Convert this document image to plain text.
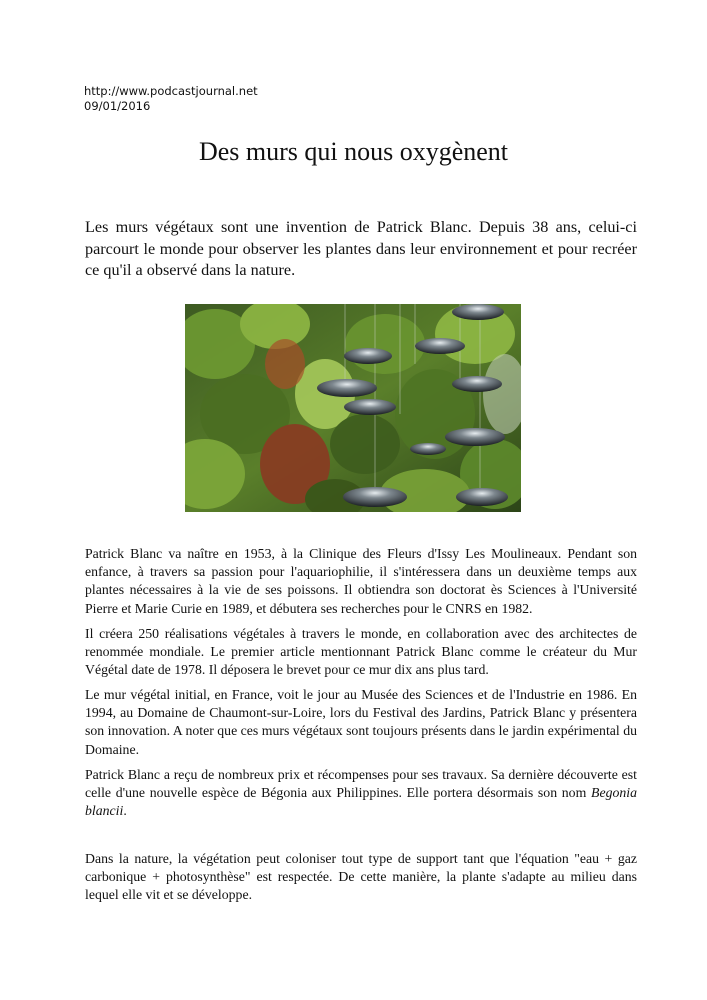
http://www.podcastjournal.net
09/01/2016
Des murs qui nous oxygènent

Les murs végétaux sont une invention de Patrick Blanc. Depuis 38 ans, celui-ci parcourt le monde pour observer les plantes dans leur environnement et pour recréer ce qu'il a observé dans la nature.

Patrick Blanc va naître en 1953, à la Clinique des Fleurs d'Issy Les Moulineaux. Pendant son enfance, à travers sa passion pour l'aquariophilie, il s'intéressera dans un deuxième temps aux plantes nécessaires à la vie de ses poissons. Il obtiendra son doctorat ès Sciences à l'Université Pierre et Marie Curie en 1989, et débutera ses recherches pour le CNRS en 1982.

Il créera 250 réalisations végétales à travers le monde, en collaboration avec des architectes de renommée mondiale. Le premier article mentionnant Patrick Blanc comme le créateur du Mur Végétal date de 1978. Il déposera le brevet pour ce mur dix ans plus tard.

Le mur végétal initial, en France, voit le jour au Musée des Sciences et de l'Industrie en 1986. En 1994, au Domaine de Chaumont-sur-Loire, lors du Festival des Jardins, Patrick Blanc y présentera son innovation. A noter que ces murs végétaux sont toujours présents dans le jardin expérimental du Domaine.

Patrick Blanc a reçu de nombreux prix et récompenses pour ses travaux. Sa dernière découverte est celle d'une nouvelle espèce de Bégonia aux Philippines. Elle portera désormais son nom Begonia blancii.

Dans la nature, la végétation peut coloniser tout type de support tant que l'équation "eau + gaz carbonique + photosynthèse" est respectée. De cette manière, la plante s'adapte au milieu dans lequel elle vit et se développe.
